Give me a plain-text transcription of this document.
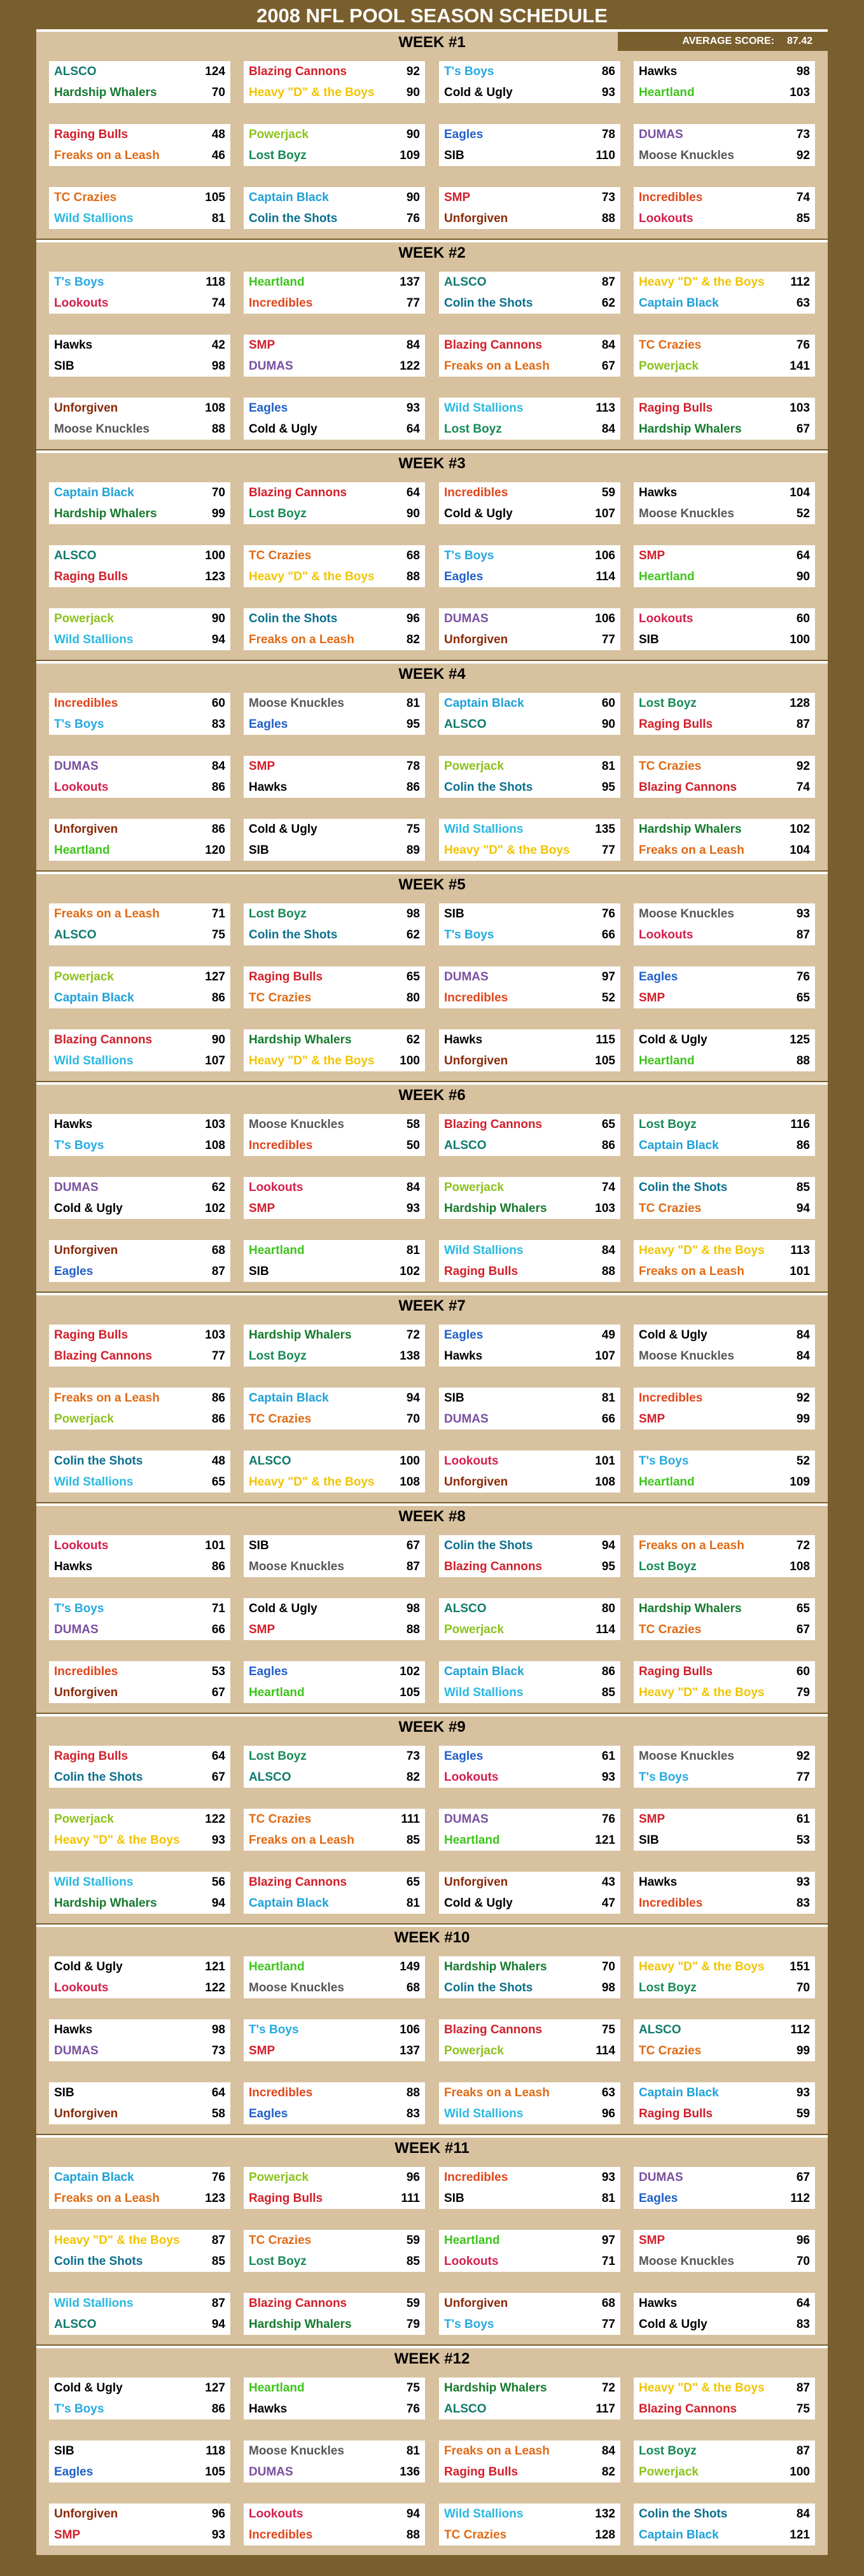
2008 NFL POOL SEASON SCHEDULE
WEEK #1	AVERAGE SCORE: 87.42
ALSCO	124
Hardship Whalers	70
Blazing Cannons	92
Heavy "D" & the Boys	90
T's Boys	86
Cold & Ugly	93
Hawks	98
Heartland	103
Raging Bulls	48
Freaks on a Leash	46
Powerjack	90
Lost Boyz	109
Eagles	78
SIB	110
DUMAS	73
Moose Knuckles	92
TC Crazies	105
Wild Stallions	81
Captain Black	90
Colin the Shots	76
SMP	73
Unforgiven	88
Incredibles	74
Lookouts	85
WEEK #2
T's Boys	118
Lookouts	74
Heartland	137
Incredibles	77
ALSCO	87
Colin the Shots	62
Heavy "D" & the Boys 112
Captain Black	63
Hawks	42
SIB	98
SMP	84
DUMAS	122
Blazing Cannons	84
Freaks on a Leash	67
TC Crazies	76
Powerjack	141
Unforgiven	108
Moose Knuckles	88
Eagles	93
Cold & Ugly	64
Wild Stallions	113
Lost Boyz	84
Raging Bulls	103
Hardship Whalers	67
WEEK #3
Captain Black	70
Hardship Whalers	99
Blazing Cannons	64
Lost Boyz	90
Incredibles	59
Cold & Ugly	107
Hawks	104
Moose Knuckles	52
ALSCO	100
Raging Bulls	123
TC Crazies	68
Heavy "D" & the Boys	88
T's Boys	106
Eagles	114
SMP	64
Heartland	90
Powerjack	90
Wild Stallions	94
Colin the Shots	96
Freaks on a Leash	82
DUMAS	106
Unforgiven	77
Lookouts	60
SIB	100
WEEK #4
Incredibles	60
T's Boys	83
Moose Knuckles	81
Eagles	95
Captain Black	60
ALSCO	90
Lost Boyz	128
Raging Bulls	87
DUMAS	84
Lookouts	86
SMP	78
Hawks	86
Powerjack	81
Colin the Shots	95
TC Crazies	92
Blazing Cannons	74
Unforgiven	86
Heartland	120
Cold & Ugly	75
SIB	89
Wild Stallions	135
Heavy "D" & the Boys	77
Hardship Whalers	102
Freaks on a Leash	104
WEEK #5
Freaks on a Leash	71
ALSCO	75
Lost Boyz	98
Colin the Shots	62
SIB	76
T's Boys	66
Moose Knuckles	93
Lookouts	87
Powerjack	127
Captain Black	86
Raging Bulls	65
TC Crazies	80
DUMAS	97
Incredibles	52
Eagles	76
SMP	65
Blazing Cannons	90
Wild Stallions	107
Hardship Whalers	62
Heavy "D" & the Boys 100
Hawks	115
Unforgiven	105
Cold & Ugly	125
Heartland	88
WEEK #6
Hawks	103
T's Boys	108
Moose Knuckles	58
Incredibles	50
Blazing Cannons	65
ALSCO	86
Lost Boyz	116
Captain Black	86
DUMAS	62
Cold & Ugly	102
Lookouts	84
SMP	93
Powerjack	74
Hardship Whalers	103
Colin the Shots	85
TC Crazies	94
Unforgiven	68
Eagles	87
Heartland	81
SIB	102
Wild Stallions	84
Raging Bulls	88
Heavy "D" & the Boys 113
Freaks on a Leash	101
WEEK #7
Raging Bulls	103
Blazing Cannons	77
Hardship Whalers	72
Lost Boyz	138
Eagles	49
Hawks	107
Cold & Ugly	84
Moose Knuckles	84
Freaks on a Leash	86
Powerjack	86
Captain Black	94
TC Crazies	70
SIB	81
DUMAS	66
Incredibles	92
SMP	99
Colin the Shots	48
Wild Stallions	65
ALSCO	100
Heavy "D" & the Boys 108
Lookouts	101
Unforgiven	108
T's Boys	52
Heartland	109
WEEK #8
Lookouts	101
Hawks	86
SIB	67
Moose Knuckles	87
Colin the Shots	94
Blazing Cannons	95
Freaks on a Leash	72
Lost Boyz	108
T's Boys	71
DUMAS	66
Cold & Ugly	98
SMP	88
ALSCO	80
Powerjack	114
Hardship Whalers	65
TC Crazies	67
Incredibles	53
Unforgiven	67
Eagles	102
Heartland	105
Captain Black	86
Wild Stallions	85
Raging Bulls	60
Heavy "D" & the Boys	79
WEEK #9
Raging Bulls	64
Colin the Shots	67
Lost Boyz	73
ALSCO	82
Eagles	61
Lookouts	93
Moose Knuckles	92
T's Boys	77
Powerjack	122
Heavy "D" & the Boys	93
TC Crazies	111
Freaks on a Leash	85
DUMAS	76
Heartland	121
SMP	61
SIB	53
Wild Stallions	56
Hardship Whalers	94
Blazing Cannons	65
Captain Black	81
Unforgiven	43
Cold & Ugly	47
Hawks	93
Incredibles	83
WEEK #10
Cold & Ugly	121
Lookouts	122
Heartland	149
Moose Knuckles	68
Hardship Whalers	70
Colin the Shots	98
Heavy "D" & the Boys 151
Lost Boyz	70
Hawks	98
DUMAS	73
T's Boys	106
SMP	137
Blazing Cannons	75
Powerjack	114
ALSCO	112
TC Crazies	99
SIB	64
Unforgiven	58
Incredibles	88
Eagles	83
Freaks on a Leash	63
Wild Stallions	96
Captain Black	93
Raging Bulls	59
WEEK #11
Captain Black	76
Freaks on a Leash	123
Powerjack	96
Raging Bulls	111
Incredibles	93
SIB	81
DUMAS	67
Eagles	112
Heavy "D" & the Boys	87
Colin the Shots	85
TC Crazies	59
Lost Boyz	85
Heartland	97
Lookouts	71
SMP	96
Moose Knuckles	70
Wild Stallions	87
ALSCO	94
Blazing Cannons	59
Hardship Whalers	79
Unforgiven	68
T's Boys	77
Hawks	64
Cold & Ugly	83
WEEK #12
Cold & Ugly	127
T's Boys	86
Heartland	75
Hawks	76
Hardship Whalers	72
ALSCO	117
Heavy "D" & the Boys	87
Blazing Cannons	75
SIB	118
Eagles	105
Moose Knuckles	81
DUMAS	136
Freaks on a Leash	84
Raging Bulls	82
Lost Boyz	87
Powerjack	100
Unforgiven	96
SMP	93
Lookouts	94
Incredibles	88
Wild Stallions	132
TC Crazies	128
Colin the Shots	84
Captain Black	121
